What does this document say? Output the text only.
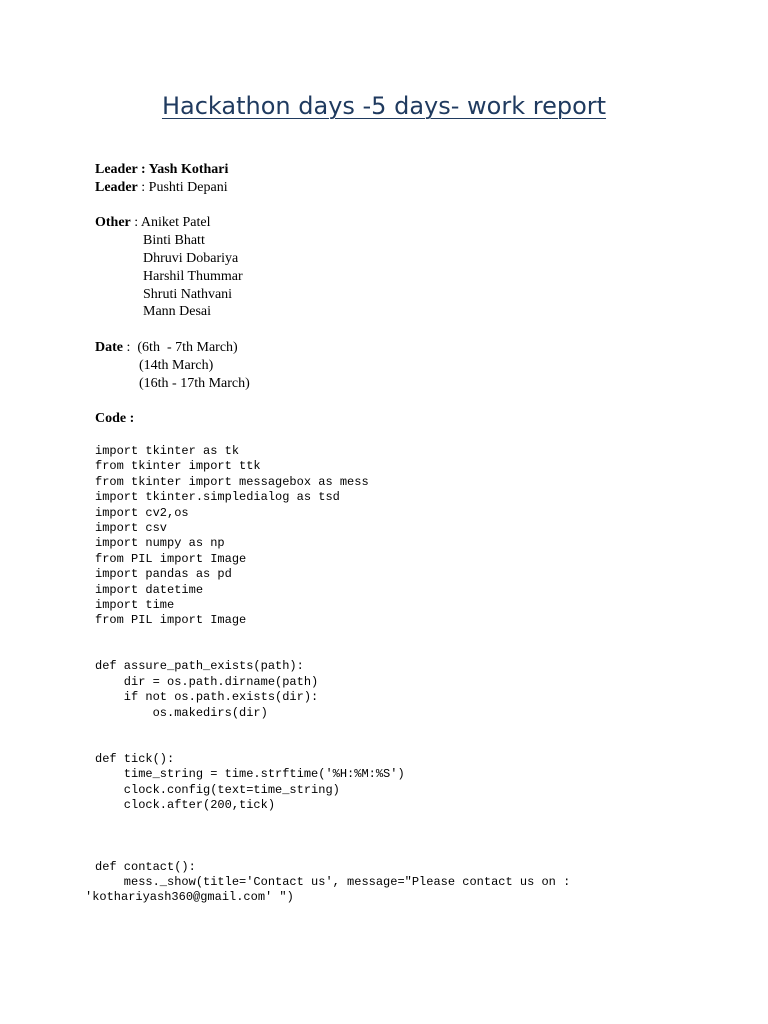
Hackathon days -5 days- work report
Leader : Yash Kothari
Leader : Pushti Depani
Other : Aniket Patel
Binti Bhatt
Dhruvi Dobariya
Harshil Thummar
Shruti Nathvani
Mann Desai
Date :  (6th  - 7th March)
(14th March)
(16th - 17th March)
Code :
import tkinter as tk
from tkinter import ttk
from tkinter import messagebox as mess
import tkinter.simpledialog as tsd
import cv2,os
import csv
import numpy as np
from PIL import Image
import pandas as pd
import datetime
import time
from PIL import Image

def assure_path_exists(path):
dir = os.path.dirname(path)
if not os.path.exists(dir):
os.makedirs(dir)

def tick():
time_string = time.strftime('%H:%M:%S')
clock.config(text=time_string)
clock.after(200,tick)

def contact():
mess._show(title='Contact us', message="Please contact us on :
'kothariyash360@gmail.com' ")
